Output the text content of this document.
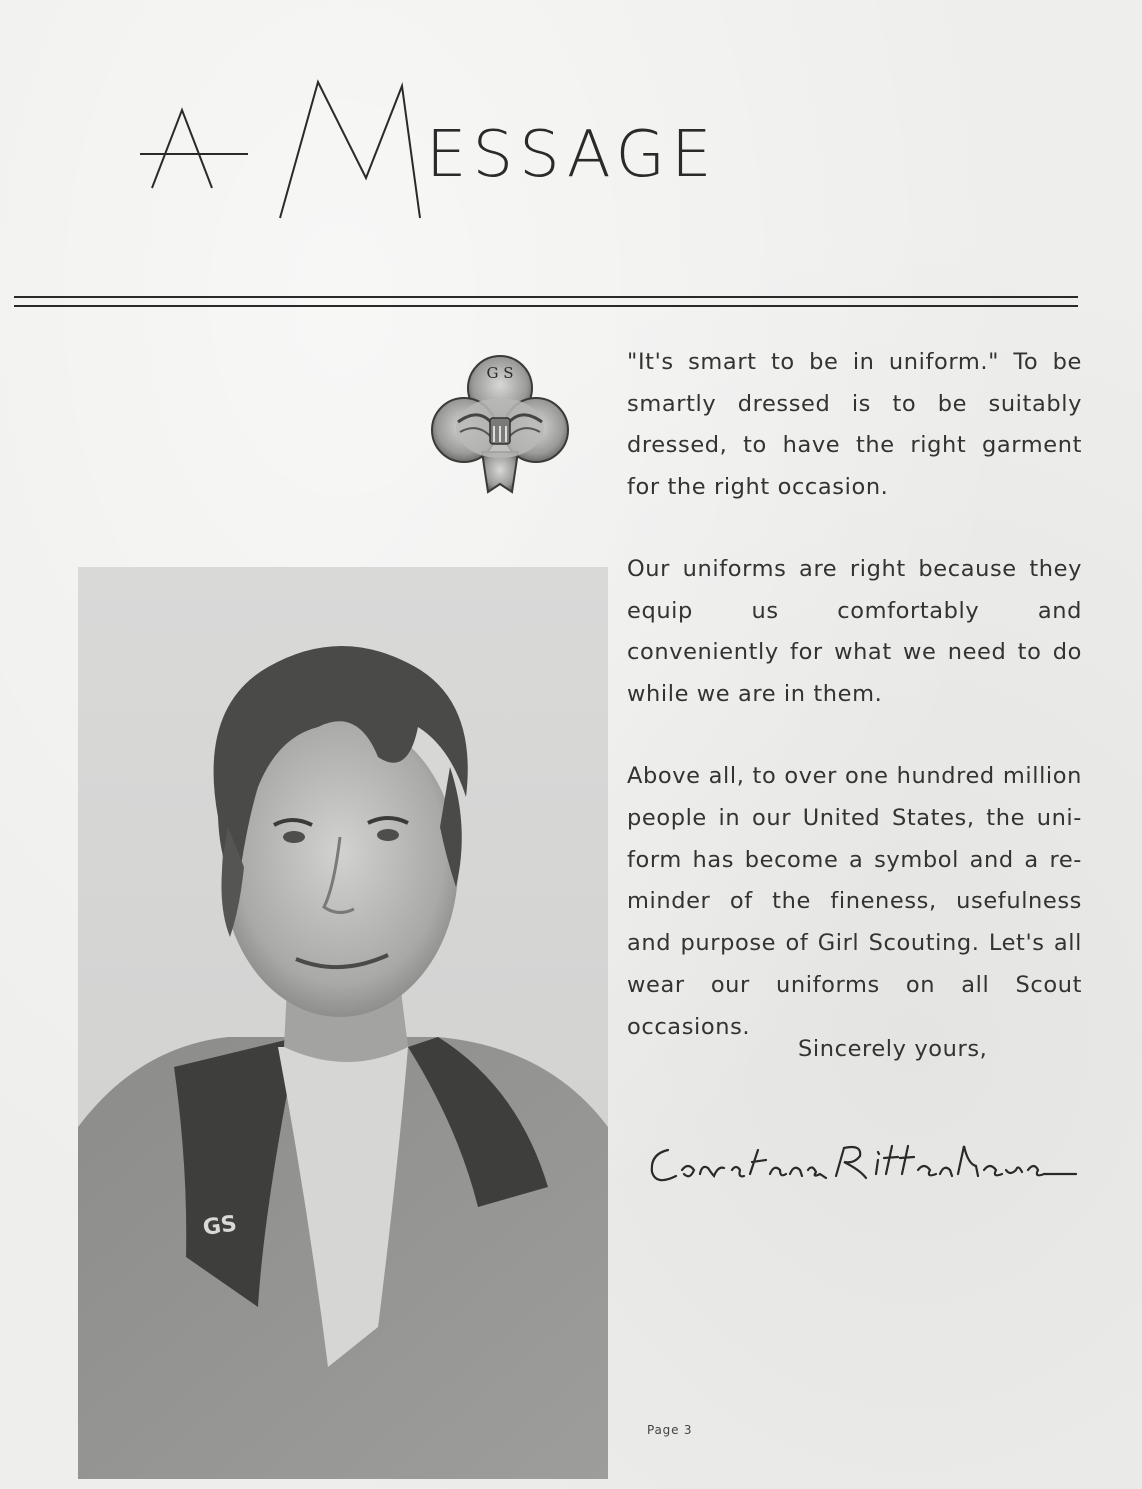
ESSAGE
G S	"It's smart to be in uniform." To be smartly dressed is to be suitably dressed, to have the right garment for the right occasion.

Our uniforms are right because they equip us comfortably and conveniently for what we need to do while we are in them.

Above all, to over one hundred million people in our United States, the uni-form has become a symbol and a re-minder of the fineness, usefulness and purpose of Girl Scouting. Let's all wear our uniforms on all Scout occasions.

Sincerely yours,
Page 3
GS
